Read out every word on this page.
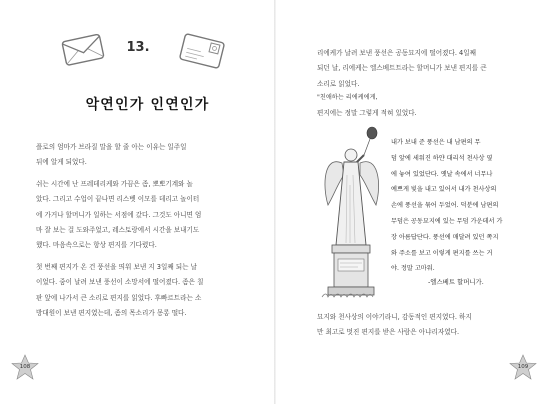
13.
악연인가 인연인가

플로의 엄마가 브라질 말을 할 줄 아는 이유는 일주일
뒤에 알게 되었다.

쉬는 시간에 난 프레데리케와 가끔은 좀, 뽀뽀기계와 놀
았다. 그리고 수업이 끝나면 리스벳 이모를 데리고 놀이터
에 가거나 할머니가 일하는 서점에 갔다. 그것도 아니면 엄
마 잘 보는 걸 도와주었고, 레스토랑에서 시간을 보내기도
했다. 마음속으로는 항상 편지를 기다렸다.

첫 번째 편지가 온 건 풍선을 띄워 보낸 지 3일째 되는 날
이었다. 줌이 날려 보낸 풍선이 소망서에 떨어졌다. 좀은 칠
판 앞에 나가서 큰 소리로 편지를 읽었다. 후빠르트라는 소
방대원이 보낸 편지였는데, 좀의 목소리가 몽롱 떨다.

108

리에케가 날려 보낸 풍선은 공동묘지에 떨어졌다. 4일째
되던 날, 리에케는 엘스베트트라는 할머니가 보낸 편지를 큰
소리로 읽었다.

"친애하는 리에케에게,

편지에는 정말 그렇게 적혀 있었다.

내가 보내 준 풍선은 내 남편의 무
덤 앞에 세워진 하얀 대리석 천사상 옆
에 놓여 있었단다. 옛날 속에서 너무나
예쁘게 빛을 내고 있어서 내가 천사상의
손에 풍선을 묶어 두었어. 덕분에 남편의
무덤은 공동묘지에 있는 무덤 가운데서 가
장 아름답단다. 풍선에 매달려 있던 쪽지
와 주소를 보고 이렇게 편지를 쓰는 거
야. 정말 고마워.
-엘스베트 할머니가.

묘지와 천사상의 이야기라니, 감동적인 편지였다. 하지
만 최고로 멋진 편지를 받은 사람은 아냐리자였다.

109
